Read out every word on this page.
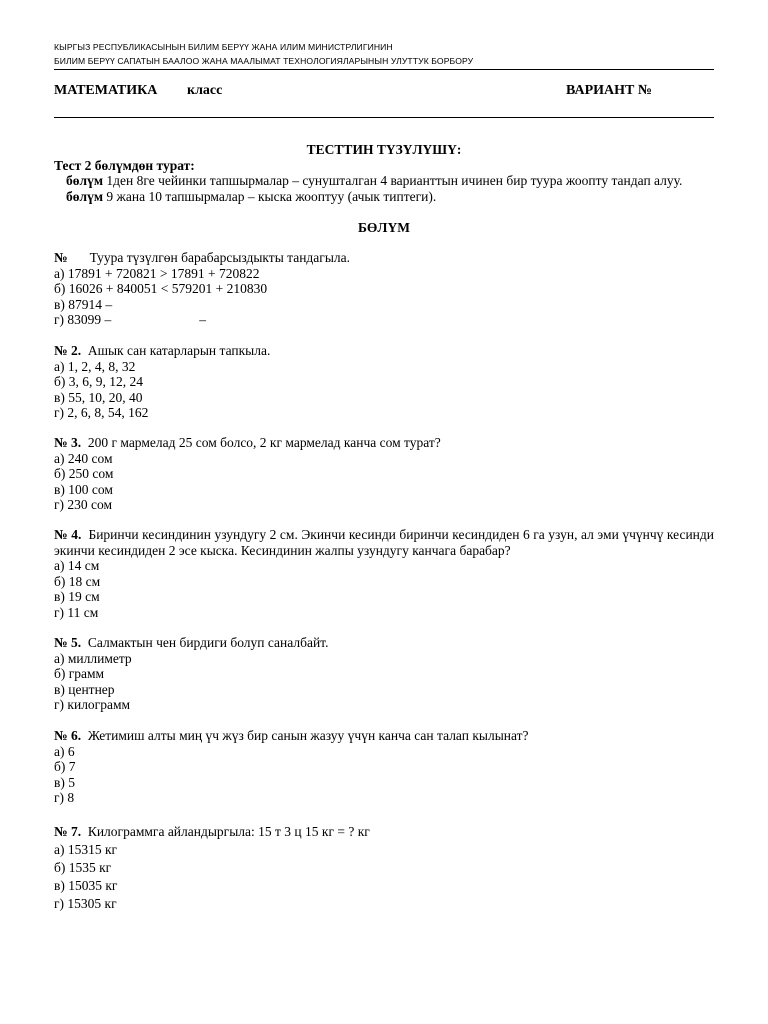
КЫРГЫЗ РЕСПУБЛИКАСЫНЫН БИЛИМ БЕРҮҮ ЖАНА ИЛИМ МИНИСТРЛИГИНИН
БИЛИМ БЕРҮҮ САПАТЫН БААЛОО ЖАНА МААЛЫМАТ ТЕХНОЛОГИЯЛАРЫНЫН УЛУТТУК БОРБОРУ
МАТЕМАТИКА класс	ВАРИАНТ №
ТЕСТТИН ТҮЗҮЛҮШҮ:
Тест 2 бөлүмдөн турат:
бөлүм 1ден 8ге чейинки тапшырмалар – сунушталган 4 варианттын ичинен бир туура жоопту тандап алуу.
бөлүм 9 жана 10 тапшырмалар – кыска жооптуу (ачык типтеги).
БӨЛҮМ
№ Туура түзүлгөн барабарсыздыкты тандагыла.
а) 17891 + 720821 > 17891 + 720822
б) 16026 + 840051 < 579201 + 210830
в) 87914 –
г) 83099 –	–
№ 2. Ашык сан катарларын тапкыла.
а) 1, 2, 4, 8, 32
б) 3, 6, 9, 12, 24
в) 55, 10, 20, 40
г) 2, 6, 8, 54, 162
№ 3. 200 г мармелад 25 сом болсо, 2 кг мармелад канча сом турат?
а) 240 сом
б) 250 сом
в) 100 сом
г) 230 сом
№ 4. Биринчи кесиндинин узундугу 2 см. Экинчи кесинди биринчи кесиндиден 6 га узун, ал эми үчүнчү кесинди экинчи кесиндиден 2 эсе кыска. Кесиндинин жалпы узундугу канчага барабар?
а) 14 см
б) 18 см
в) 19 см
г) 11 см
№ 5. Салмактын чен бирдиги болуп саналбайт.
а) миллиметр
б) грамм
в) центнер
г) килограмм
№ 6. Жетимиш алты миң үч жүз бир санын жазуу үчүн канча сан талап кылынат?
а) 6
б) 7
в) 5
г) 8
№ 7. Килограммга айландыргыла: 15 т 3 ц 15 кг = ? кг
а) 15315 кг
б) 1535 кг
в) 15035 кг
г) 15305 кг
